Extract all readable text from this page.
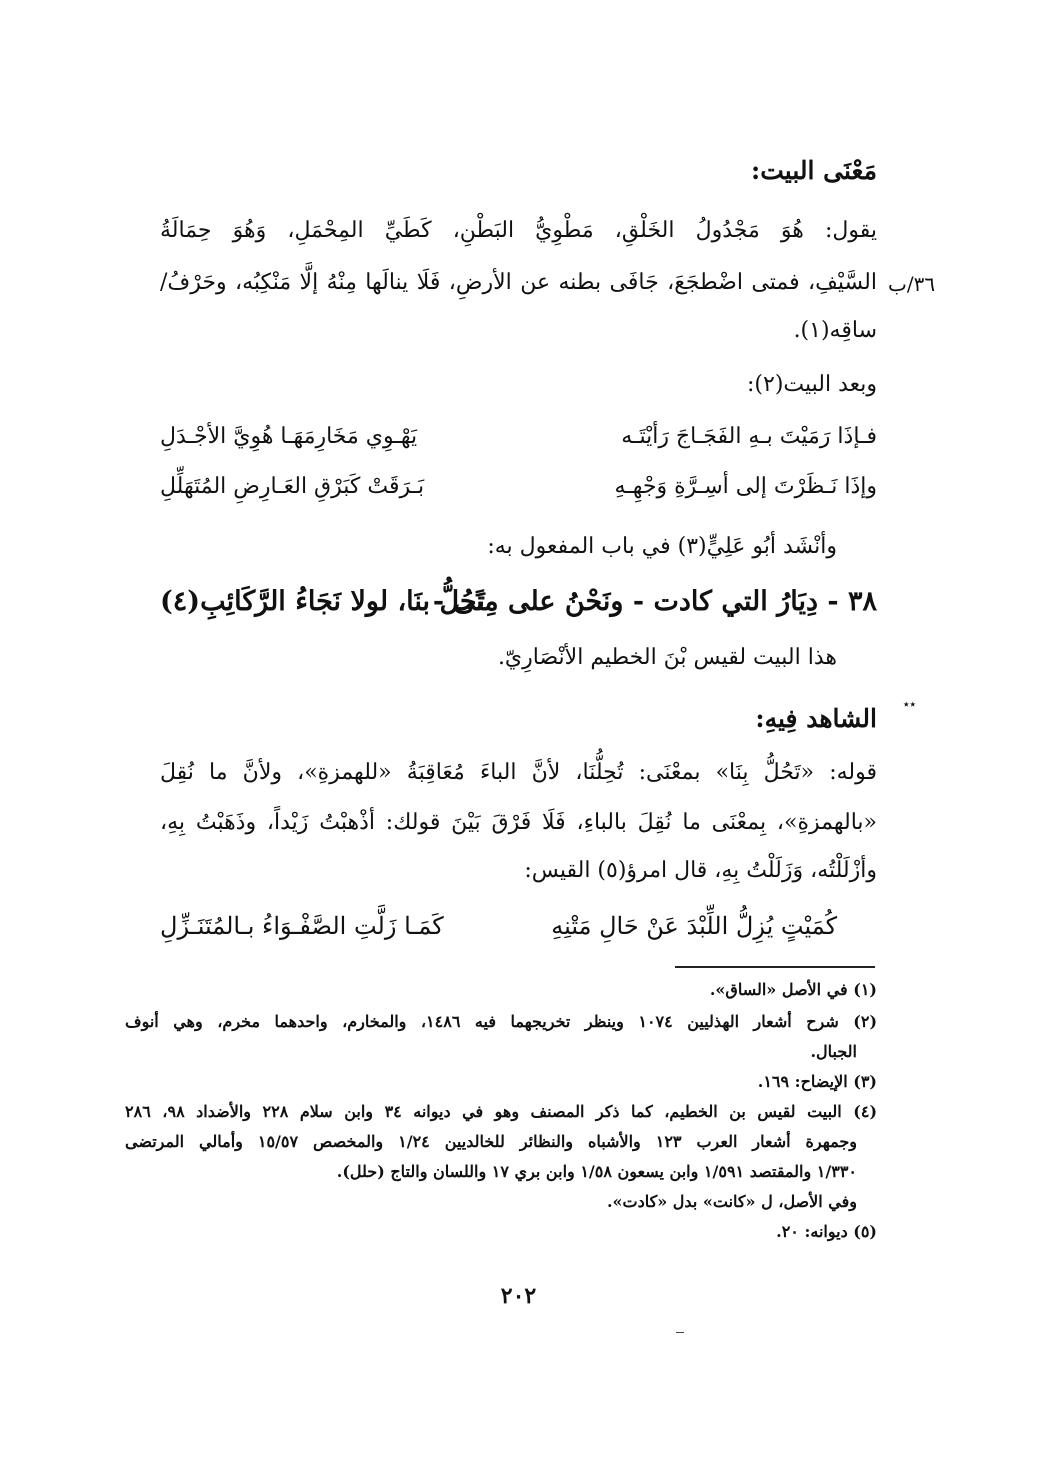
مَعْنَى البيت:
يقول: هُوَ مَجْدُولُ الخَلْقِ، مَطْوِيُّ البَطْنِ، كَطَيِّ المِحْمَلِ، وَهُوَ حِمَالَةُ
السَّيْفِ، فمتى اضْطجَعَ، جَافَى بطنه عن الأرضِ، فَلَا ينالَها مِنْهُ إلَّا مَنْكِبُه، وحَرْفُ/ ٣٦/ب
ساقِه(١).
وبعد البيت(٢):
فـإذَا رَمَيْتَ بـهِ الفَجَـاجَ رَأيْتَـه
يَهْـوِي مَخَارِمَهَـا هُوِيَّ الأجْـدَلِ
وإذَا نَـظَرْتَ إلى أسِـرَّةِ وَجْهِـهِ
بَـرَقَتْ كَبَرْقِ العَـارِضِ المُتَهَلِّلِ
وأنْشَد أبُو عَلِيٍّ(٣) في باب المفعول به:
٣٨ - دِيَارُ التي كادت - ونَحْنُ على مِنًى -
تَحُلُّ بنَا، لولا نَجَاءُ الرَّكَائِبِ(٤)
هذا البيت لقيس بْنَ الخطيم الأنْصَارِيّ.
٭٭
الشاهد فِيهِ:
قوله: «تَحُلُّ بِنَا» بمعْنَى: تُحِلُّنَا، لأنَّ الباءَ مُعَاقِبَةُ «للهمزةِ»، ولأنَّ ما نُقِلَ
«بالهمزةِ»، بِمعْنَى ما نُقِلَ بالباءِ، فَلَا فَرْقَ بَيْنَ قولك: أذْهبْتُ زَيْداً، وذَهَبْتُ بِهِ،
وأزْلَلْتُه، وَزَلَلْتُ بِهِ، قال امرؤ(٥) القيس:
كُمَيْتٍ يُزِلُّ اللِّبْدَ عَنْ حَالِ مَتْنِهِ
كَمَـا زَلَّتِ الصَّفْـوَاءُ بـالمُتَنَـزِّلِ
(١) في الأصل «الساق».
(٢) شرح أشعار الهذليين ١٠٧٤ وينظر تخريجهما فيه ١٤٨٦، والمخارم، واحدهما مخرم، وهي أنوف
الجبال.
(٣) الإيضاح: ١٦٩.
(٤) البيت لقيس بن الخطيم، كما ذكر المصنف وهو في ديوانه ٣٤ وابن سلام ٢٢٨ والأضداد ٩٨، ٢٨٦
وجمهرة أشعار العرب ١٢٣ والأشباه والنظائر للخالديين ١/٢٤ والمخصص ١٥/٥٧ وأمالي المرتضى
١/٣٣٠ والمقتصد ١/٥٩١ وابن يسعون ١/٥٨ وابن بري ١٧ واللسان والتاج (حلل).
وفي الأصل، ل «كانت» بدل «كادت».
(٥) ديوانه: ٢٠.
٢٠٢
